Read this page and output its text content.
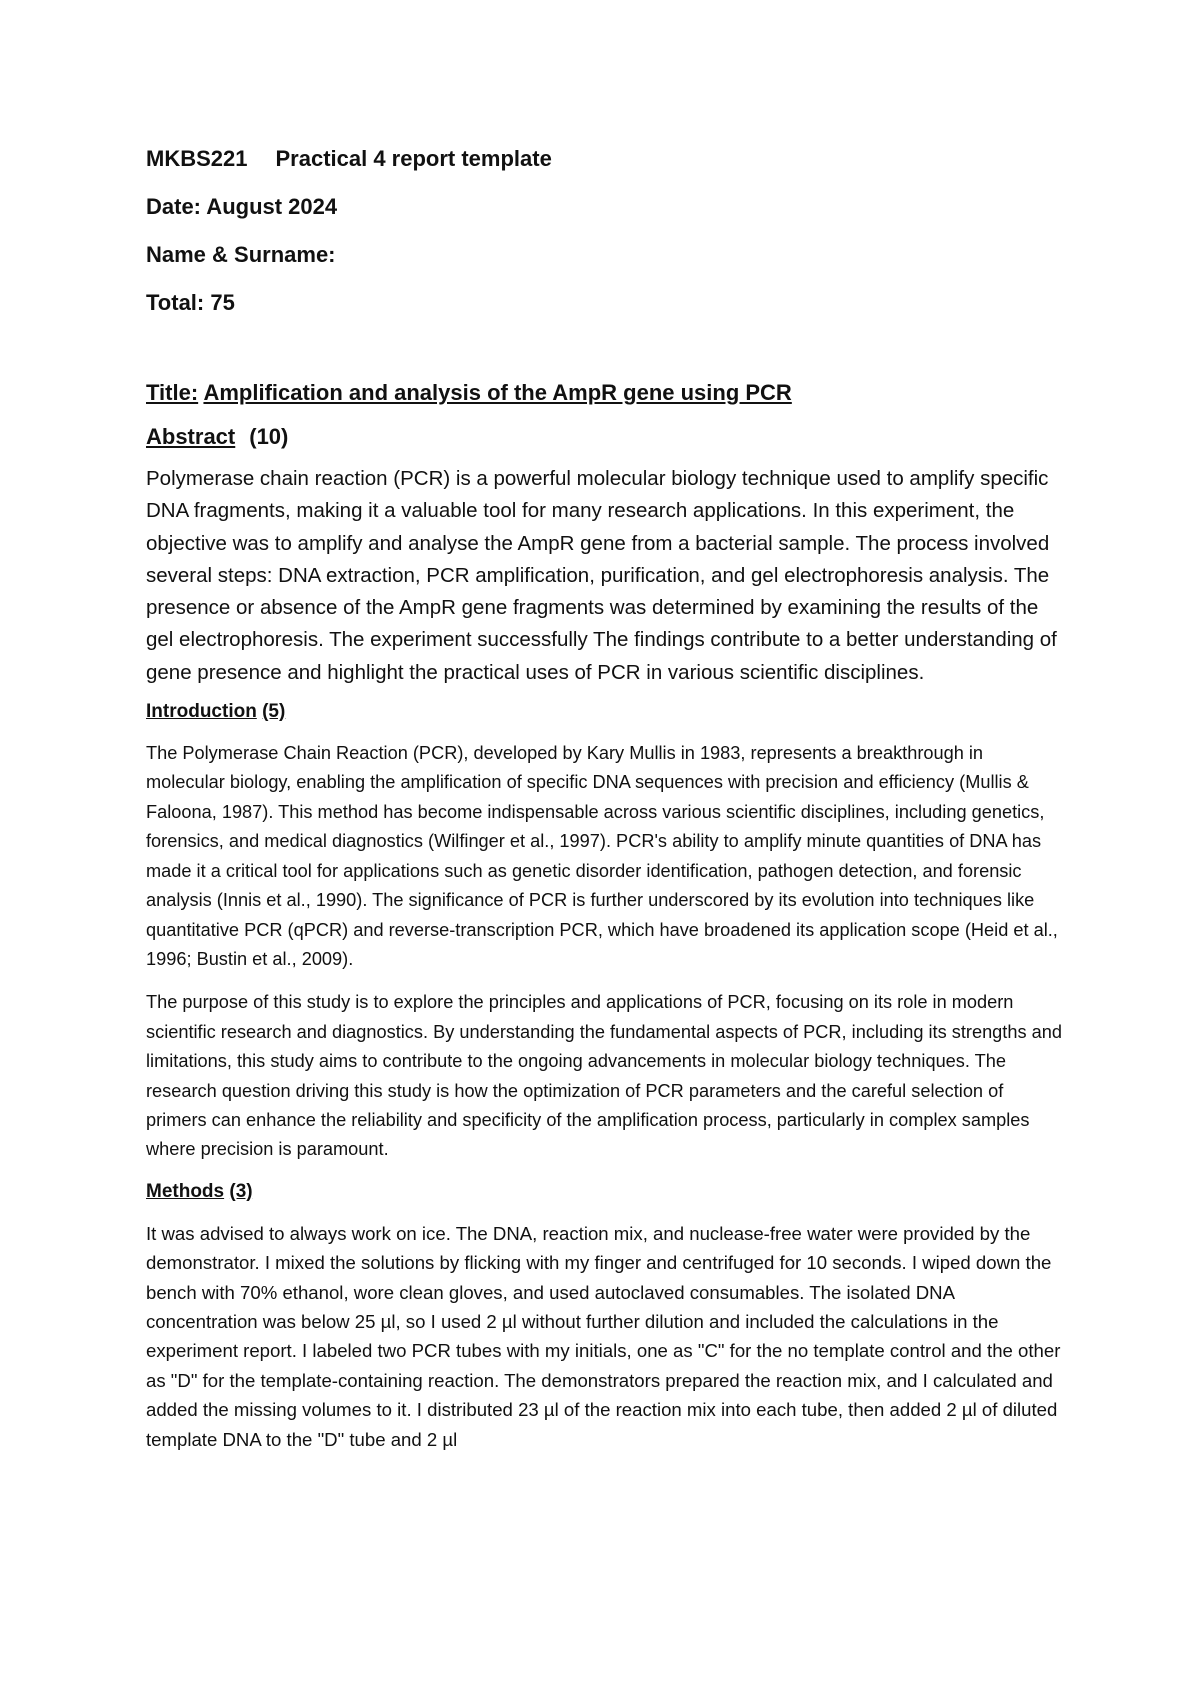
MKBS221 Practical 4 report template
Date: August 2024
Name & Surname:
Total: 75
Title: Amplification and analysis of the AmpR gene using PCR
Abstract (10)

Polymerase chain reaction (PCR) is a powerful molecular biology technique used to amplify specific DNA fragments, making it a valuable tool for many research applications. In this experiment, the objective was to amplify and analyse the AmpR gene from a bacterial sample. The process involved several steps: DNA extraction, PCR amplification, purification, and gel electrophoresis analysis. The presence or absence of the AmpR gene fragments was determined by examining the results of the gel electrophoresis. The experiment successfully The findings contribute to a better understanding of gene presence and highlight the practical uses of PCR in various scientific disciplines.

Introduction (5)

The Polymerase Chain Reaction (PCR), developed by Kary Mullis in 1983, represents a breakthrough in molecular biology, enabling the amplification of specific DNA sequences with precision and efficiency (Mullis & Faloona, 1987). This method has become indispensable across various scientific disciplines, including genetics, forensics, and medical diagnostics (Wilfinger et al., 1997). PCR's ability to amplify minute quantities of DNA has made it a critical tool for applications such as genetic disorder identification, pathogen detection, and forensic analysis (Innis et al., 1990). The significance of PCR is further underscored by its evolution into techniques like quantitative PCR (qPCR) and reverse-transcription PCR, which have broadened its application scope (Heid et al., 1996; Bustin et al., 2009).

The purpose of this study is to explore the principles and applications of PCR, focusing on its role in modern scientific research and diagnostics. By understanding the fundamental aspects of PCR, including its strengths and limitations, this study aims to contribute to the ongoing advancements in molecular biology techniques. The research question driving this study is how the optimization of PCR parameters and the careful selection of primers can enhance the reliability and specificity of the amplification process, particularly in complex samples where precision is paramount.

Methods (3)

It was advised to always work on ice. The DNA, reaction mix, and nuclease-free water were provided by the demonstrator. I mixed the solutions by flicking with my finger and centrifuged for 10 seconds. I wiped down the bench with 70% ethanol, wore clean gloves, and used autoclaved consumables. The isolated DNA concentration was below 25 µl, so I used 2 µl without further dilution and included the calculations in the experiment report. I labeled two PCR tubes with my initials, one as "C" for the no template control and the other as "D" for the template-containing reaction. The demonstrators prepared the reaction mix, and I calculated and added the missing volumes to it. I distributed 23 µl of the reaction mix into each tube, then added 2 µl of diluted template DNA to the "D" tube and 2 µl
